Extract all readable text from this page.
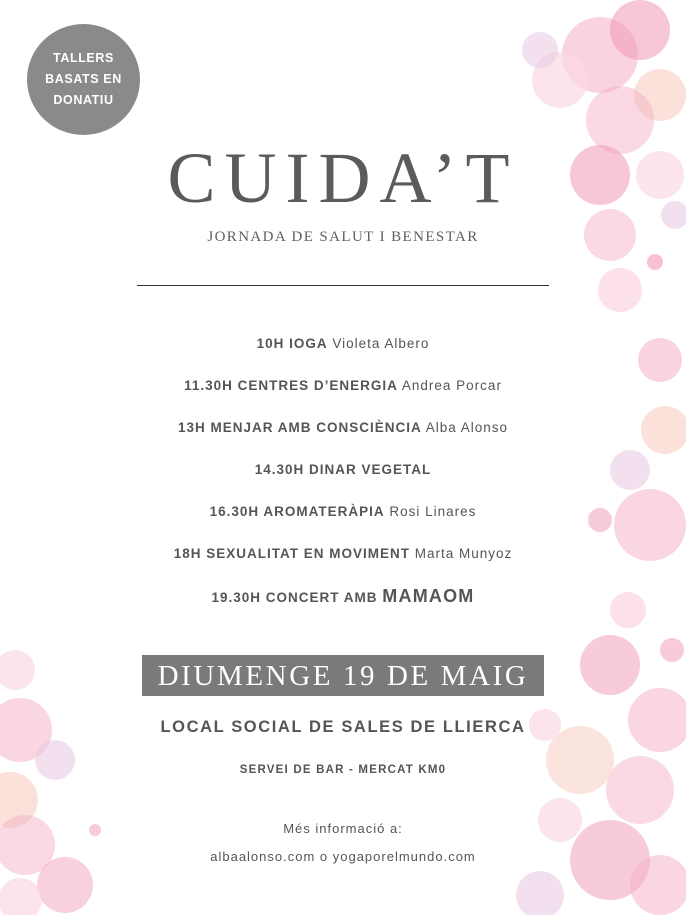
TALLERS
BASATS EN
DONATIU
CUIDA’T
JORNADA DE SALUT I BENESTAR
10H IOGA Violeta Albero
11.30H CENTRES D’ENERGIA Andrea Porcar
13H MENJAR AMB CONSCIÈNCIA Alba Alonso
14.30H DINAR VEGETAL
16.30H AROMATERÀPIA Rosi Linares
18H SEXUALITAT EN MOVIMENT Marta Munyoz
19.30H CONCERT AMB MAMAOM
DIUMENGE 19 DE MAIG
LOCAL SOCIAL DE SALES DE LLIERCA
SERVEI DE BAR - MERCAT KM0
Més informació a:
albaalonso.com o yogaporelmundo.com
